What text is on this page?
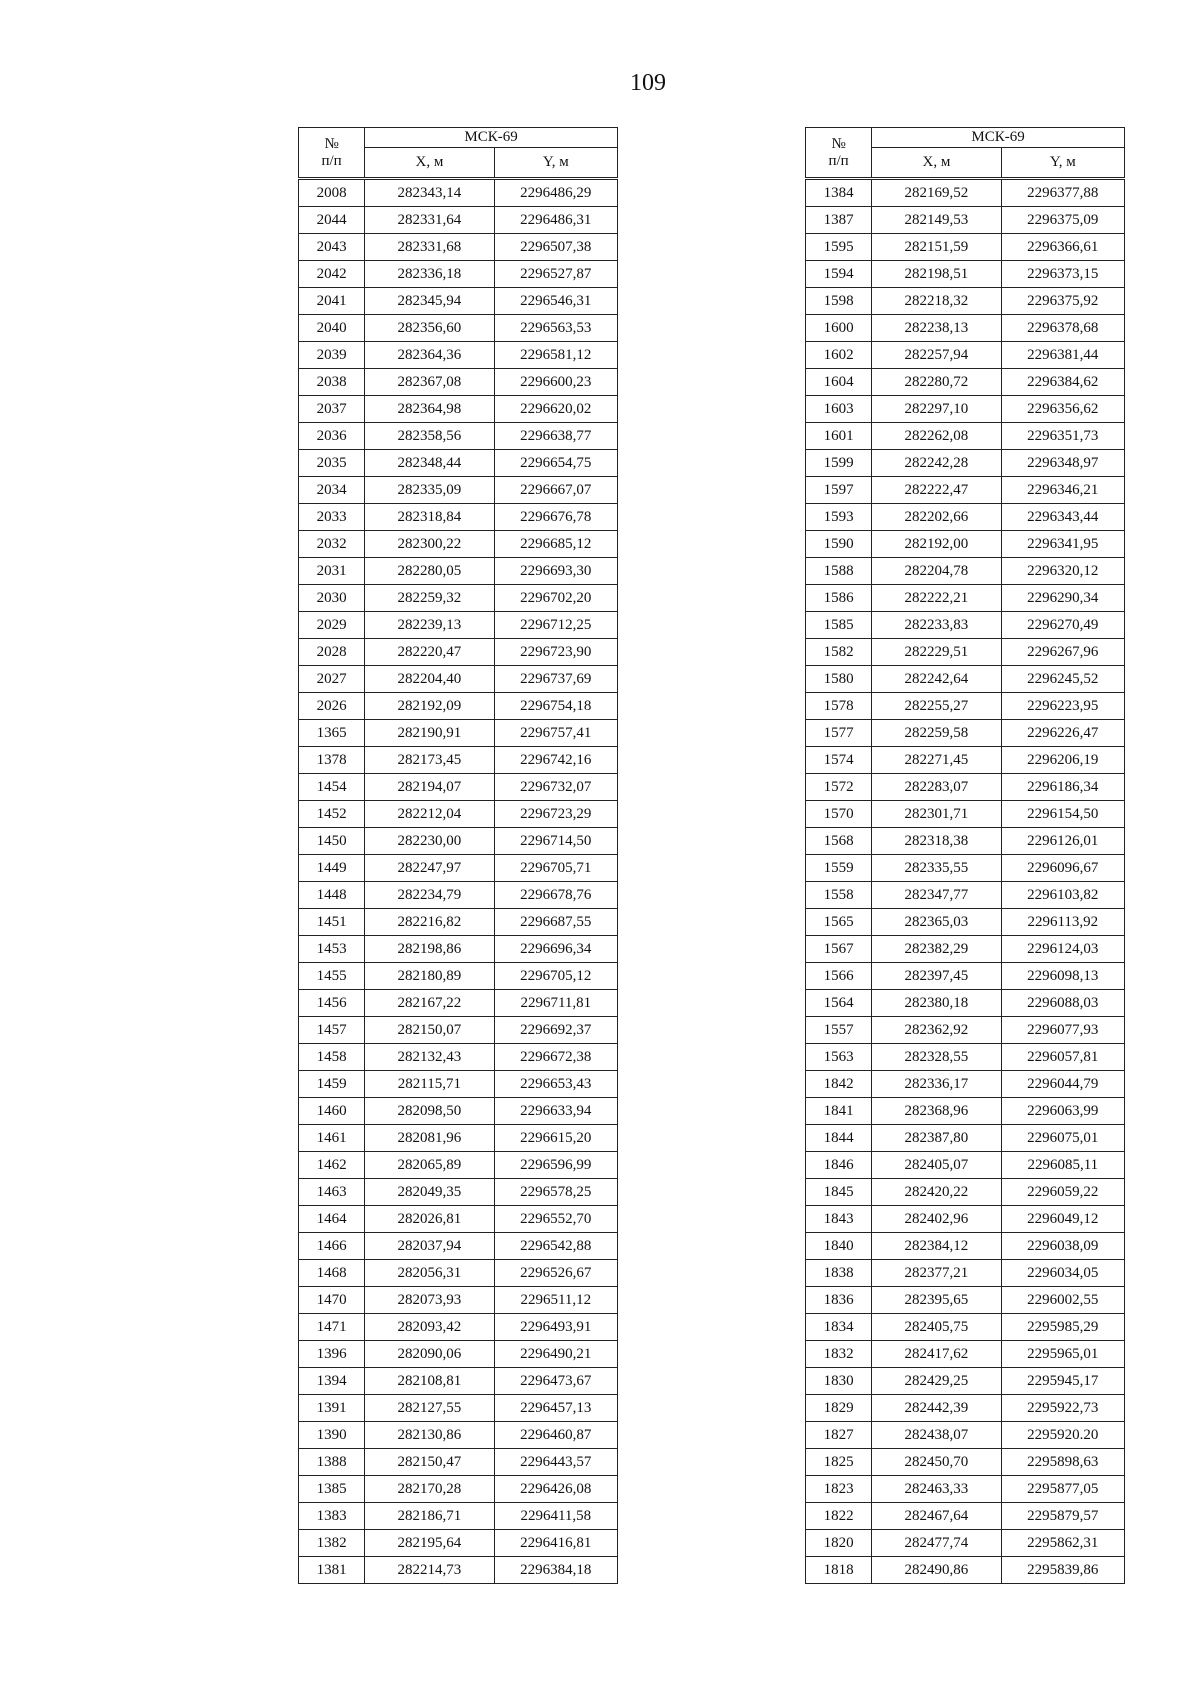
109
№
п/п	МСК-69	
	X, м	Y, м
2008	282343,14	2296486,29
2044	282331,64	2296486,31
2043	282331,68	2296507,38
2042	282336,18	2296527,87
2041	282345,94	2296546,31
2040	282356,60	2296563,53
2039	282364,36	2296581,12
2038	282367,08	2296600,23
2037	282364,98	2296620,02
2036	282358,56	2296638,77
2035	282348,44	2296654,75
2034	282335,09	2296667,07
2033	282318,84	2296676,78
2032	282300,22	2296685,12
2031	282280,05	2296693,30
2030	282259,32	2296702,20
2029	282239,13	2296712,25
2028	282220,47	2296723,90
2027	282204,40	2296737,69
2026	282192,09	2296754,18
1365	282190,91	2296757,41
1378	282173,45	2296742,16
1454	282194,07	2296732,07
1452	282212,04	2296723,29
1450	282230,00	2296714,50
1449	282247,97	2296705,71
1448	282234,79	2296678,76
1451	282216,82	2296687,55
1453	282198,86	2296696,34
1455	282180,89	2296705,12
1456	282167,22	2296711,81
1457	282150,07	2296692,37
1458	282132,43	2296672,38
1459	282115,71	2296653,43
1460	282098,50	2296633,94
1461	282081,96	2296615,20
1462	282065,89	2296596,99
1463	282049,35	2296578,25
1464	282026,81	2296552,70
1466	282037,94	2296542,88
1468	282056,31	2296526,67
1470	282073,93	2296511,12
1471	282093,42	2296493,91
1396	282090,06	2296490,21
1394	282108,81	2296473,67
1391	282127,55	2296457,13
1390	282130,86	2296460,87
1388	282150,47	2296443,57
1385	282170,28	2296426,08
1383	282186,71	2296411,58
1382	282195,64	2296416,81
1381	282214,73	2296384,18
№
п/п	МСК-69	
	X, м	Y, м
1384	282169,52	2296377,88
1387	282149,53	2296375,09
1595	282151,59	2296366,61
1594	282198,51	2296373,15
1598	282218,32	2296375,92
1600	282238,13	2296378,68
1602	282257,94	2296381,44
1604	282280,72	2296384,62
1603	282297,10	2296356,62
1601	282262,08	2296351,73
1599	282242,28	2296348,97
1597	282222,47	2296346,21
1593	282202,66	2296343,44
1590	282192,00	2296341,95
1588	282204,78	2296320,12
1586	282222,21	2296290,34
1585	282233,83	2296270,49
1582	282229,51	2296267,96
1580	282242,64	2296245,52
1578	282255,27	2296223,95
1577	282259,58	2296226,47
1574	282271,45	2296206,19
1572	282283,07	2296186,34
1570	282301,71	2296154,50
1568	282318,38	2296126,01
1559	282335,55	2296096,67
1558	282347,77	2296103,82
1565	282365,03	2296113,92
1567	282382,29	2296124,03
1566	282397,45	2296098,13
1564	282380,18	2296088,03
1557	282362,92	2296077,93
1563	282328,55	2296057,81
1842	282336,17	2296044,79
1841	282368,96	2296063,99
1844	282387,80	2296075,01
1846	282405,07	2296085,11
1845	282420,22	2296059,22
1843	282402,96	2296049,12
1840	282384,12	2296038,09
1838	282377,21	2296034,05
1836	282395,65	2296002,55
1834	282405,75	2295985,29
1832	282417,62	2295965,01
1830	282429,25	2295945,17
1829	282442,39	2295922,73
1827	282438,07	2295920.20
1825	282450,70	2295898,63
1823	282463,33	2295877,05
1822	282467,64	2295879,57
1820	282477,74	2295862,31
1818	282490,86	2295839,86
